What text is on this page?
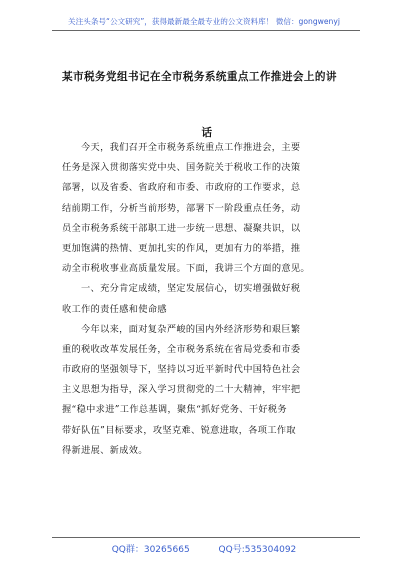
关注头条号“公文研究”，获得最新最全最专业的公文资料库！ 微信：gongwenyj
某市税务党组书记在全市税务系统重点工作推进会上的讲
话
今天，我们召开全市税务系统重点工作推进会，主要
任务是深入贯彻落实党中央、国务院关于税收工作的决策
部署，以及省委、省政府和市委、市政府的工作要求，总
结前期工作，分析当前形势，部署下一阶段重点任务，动
员全市税务系统干部职工进一步统一思想、凝聚共识，以
更加饱满的热情、更加扎实的作风，更加有力的举措，推
动全市税收事业高质量发展。下面，我讲三个方面的意见。
一、充分肯定成绩，坚定发展信心，切实增强做好税
收工作的责任感和使命感
今年以来，面对复杂严峻的国内外经济形势和艰巨繁
重的税收改革发展任务，全市税务系统在省局党委和市委
市政府的坚强领导下，坚持以习近平新时代中国特色社会
主义思想为指导，深入学习贯彻党的二十大精神，牢牢把
握“稳中求进”工作总基调，聚焦“抓好党务、干好税务
带好队伍”目标要求，攻坚克难、锐意进取，各项工作取
得新进展、新成效。
QQ群：30265665	QQ号:535304092
